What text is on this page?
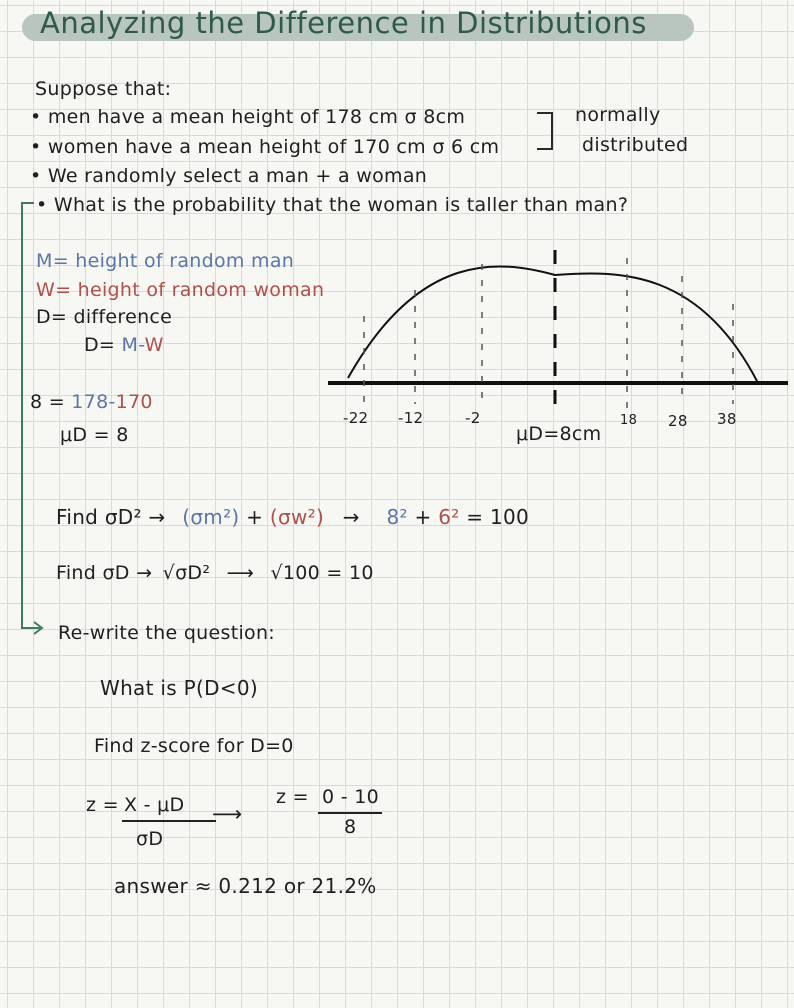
Analyzing the Difference in Distributions
Suppose that:
• men have a mean height of 178 cm σ 8cm
• women have a mean height of 170 cm σ 6 cm
• We randomly select a man + a woman
• What is the probability that the woman is taller than man?
normally
distributed
M= height of random man
W= height of random woman
D= difference
D= M-W
8 = 178-170
μD = 8
-22 -12	-2
μD=8cm
18 28 38
Find σD² → (σm²) + (σw²) → 8² + 6² = 100
Find σD → √σD² ⟶ √100 = 10
Re-write the question:
What is P(D<0)
Find z-score for D=0
z = X - μD
σD
⟶
z = 0 - 10
8
answer ≈ 0.212 or 21.2%
